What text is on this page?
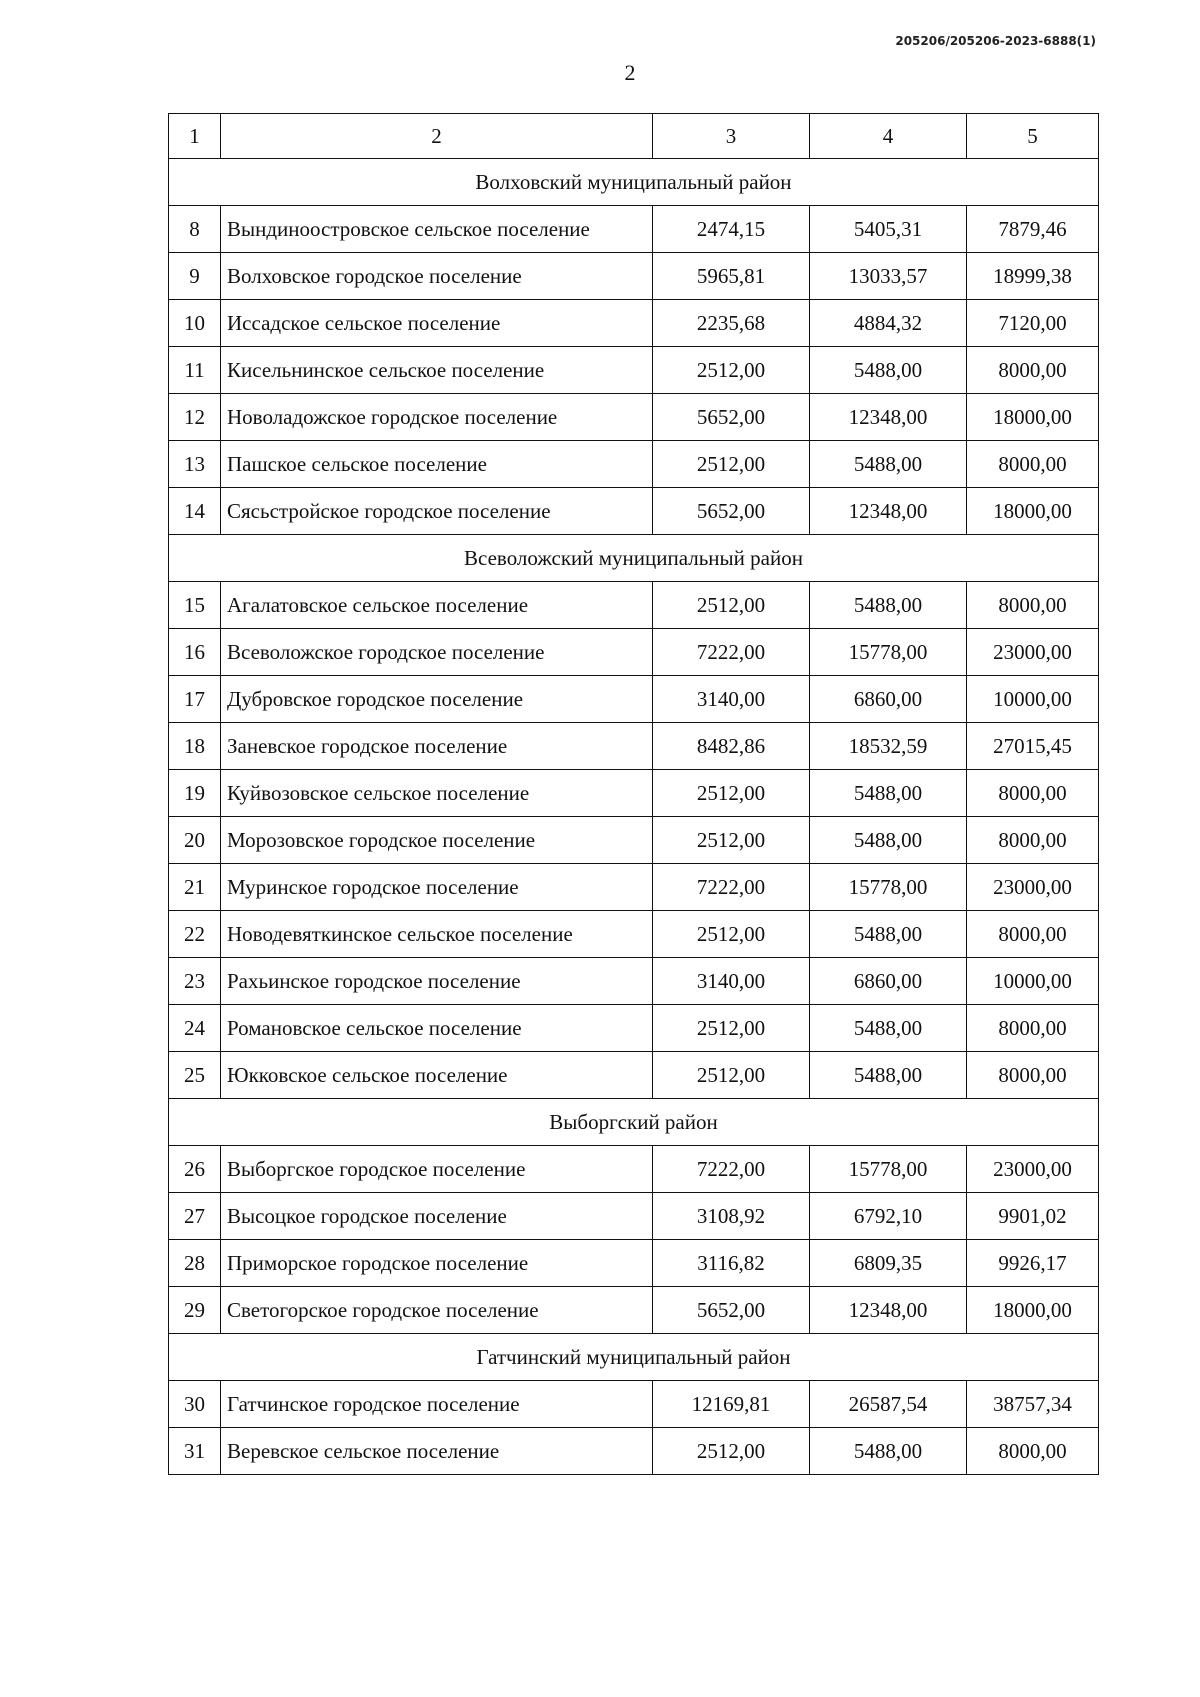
205206/205206-2023-6888(1)
2
1	2	3	4	5
Волховский муниципальный район				
8	Вындиноостровское сельское поселение	2474,15	5405,31	7879,46
9	Волховское городское поселение	5965,81	13033,57	18999,38
10	Иссадское сельское поселение	2235,68	4884,32	7120,00
11	Кисельнинское сельское поселение	2512,00	5488,00	8000,00
12	Новоладожское городское поселение	5652,00	12348,00	18000,00
13	Пашское сельское поселение	2512,00	5488,00	8000,00
14	Сясьстройское городское поселение	5652,00	12348,00	18000,00
Всеволожский муниципальный район				
15	Агалатовское сельское поселение	2512,00	5488,00	8000,00
16	Всеволожское городское поселение	7222,00	15778,00	23000,00
17	Дубровское городское поселение	3140,00	6860,00	10000,00
18	Заневское городское поселение	8482,86	18532,59	27015,45
19	Куйвозовское сельское поселение	2512,00	5488,00	8000,00
20	Морозовское городское поселение	2512,00	5488,00	8000,00
21	Муринское городское поселение	7222,00	15778,00	23000,00
22	Новодевяткинское сельское поселение	2512,00	5488,00	8000,00
23	Рахьинское городское поселение	3140,00	6860,00	10000,00
24	Романовское сельское поселение	2512,00	5488,00	8000,00
25	Юкковское сельское поселение	2512,00	5488,00	8000,00
Выборгский район				
26	Выборгское городское поселение	7222,00	15778,00	23000,00
27	Высоцкое городское поселение	3108,92	6792,10	9901,02
28	Приморское городское поселение	3116,82	6809,35	9926,17
29	Светогорское городское поселение	5652,00	12348,00	18000,00
Гатчинский муниципальный район				
30	Гатчинское городское поселение	12169,81	26587,54	38757,34
31	Веревское сельское поселение	2512,00	5488,00	8000,00
